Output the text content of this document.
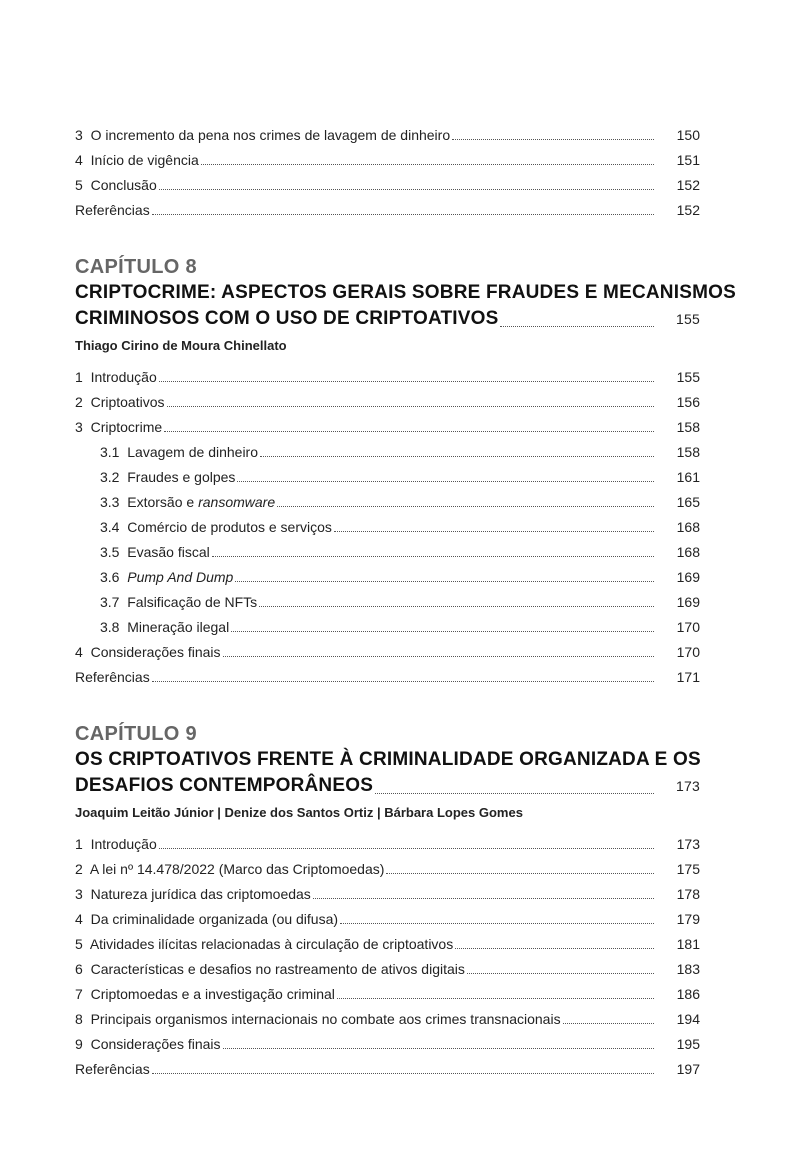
3 O incremento da pena nos crimes de lavagem de dinheiro	150
4 Início de vigência	151
5 Conclusão	152
Referências	152
CAPÍTULO 8
CRIPTOCRIME: ASPECTOS GERAIS SOBRE FRAUDES E MECANISMOS
CRIMINOSOS COM O USO DE CRIPTOATIVOS	155
Thiago Cirino de Moura Chinellato
1 Introdução	155
2 Criptoativos	156
3 Criptocrime	158
3.1 Lavagem de dinheiro	158
3.2 Fraudes e golpes	161
3.3 Extorsão e ransomware	165
3.4 Comércio de produtos e serviços	168
3.5 Evasão fiscal	168
3.6 Pump And Dump	169
3.7 Falsificação de NFTs	169
3.8 Mineração ilegal	170
4 Considerações finais	170
Referências	171
CAPÍTULO 9
OS CRIPTOATIVOS FRENTE À CRIMINALIDADE ORGANIZADA E OS
DESAFIOS CONTEMPORÂNEOS	173
Joaquim Leitão Júnior | Denize dos Santos Ortiz | Bárbara Lopes Gomes
1 Introdução	173
2 A lei nº 14.478/2022 (Marco das Criptomoedas)	175
3 Natureza jurídica das criptomoedas	178
4 Da criminalidade organizada (ou difusa)	179
5 Atividades ilícitas relacionadas à circulação de criptoativos	181
6 Características e desafios no rastreamento de ativos digitais	183
7 Criptomoedas e a investigação criminal	186
8 Principais organismos internacionais no combate aos crimes transnacionais	194
9 Considerações finais	195
Referências	197
